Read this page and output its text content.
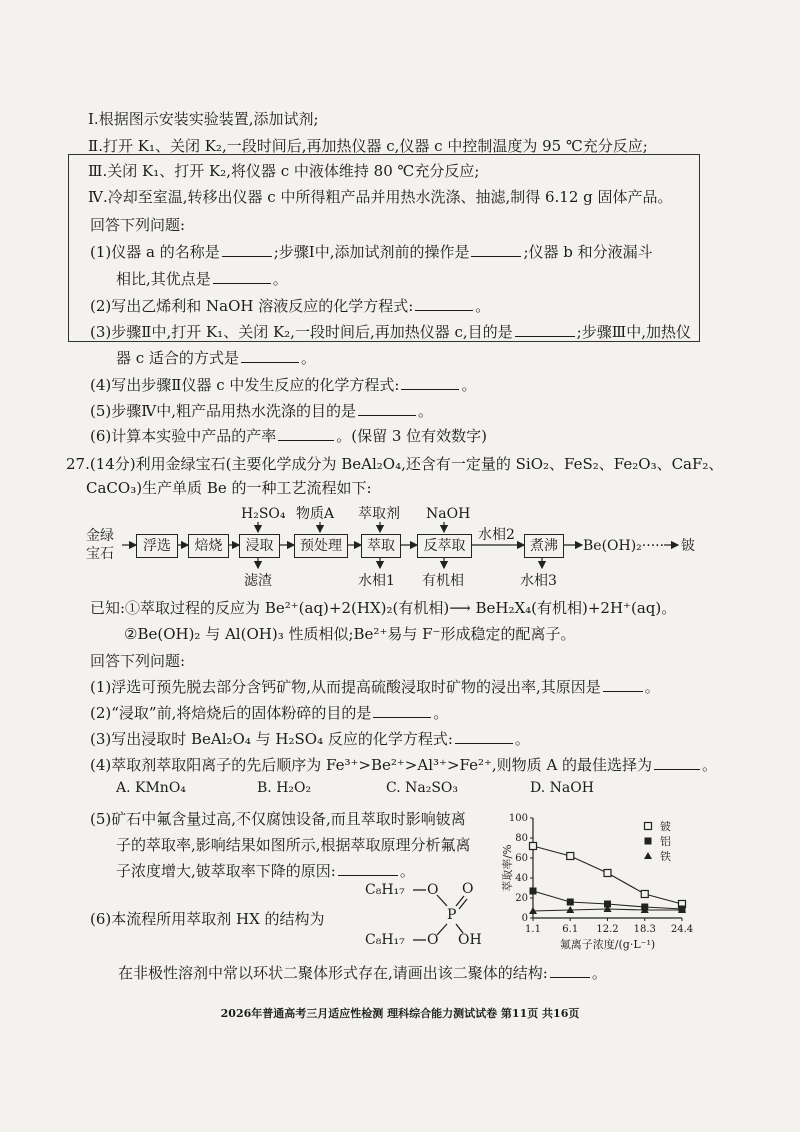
Ⅰ.根据图示安装实验装置,添加试剂;
Ⅱ.打开 K₁、关闭 K₂,一段时间后,再加热仪器 c,仪器 c 中控制温度为 95 ℃充分反应;
Ⅲ.关闭 K₁、打开 K₂,将仪器 c 中液体维持 80 ℃充分反应;
Ⅳ.冷却至室温,转移出仪器 c 中所得粗产品并用热水洗涤、抽滤,制得 6.12 g 固体产品。
回答下列问题:
(1)仪器 a 的名称是	;步骤Ⅰ中,添加试剂前的操作是	;仪器 b 和分液漏斗
相比,其优点是	。
(2)写出乙烯利和 NaOH 溶液反应的化学方程式:	。
(3)步骤Ⅱ中,打开 K₁、关闭 K₂,一段时间后,再加热仪器 c,目的是	;步骤Ⅲ中,加热仪
器 c 适合的方式是	。
(4)写出步骤Ⅱ仪器 c 中发生反应的化学方程式:	。
(5)步骤Ⅳ中,粗产品用热水洗涤的目的是	。
(6)计算本实验中产品的产率	。(保留 3 位有效数字)
27.(14分)利用金绿宝石(主要化学成分为 BeAl₂O₄,还含有一定量的 SiO₂、FeS₂、Fe₂O₃、CaF₂、
CaCO₃)生产单质 Be 的一种工艺流程如下:
金绿
宝石	浮选	焙烧	浸取	预处理	萃取	反萃取	煮沸	Be(OH)₂····· 铍
H₂SO₄ 物质A 萃取剂 NaOH
水相2
滤渣	水相1 有机相	水相3
已知:①萃取过程的反应为 Be²⁺(aq)+2(HX)₂(有机相)⟶ BeH₂X₄(有机相)+2H⁺(aq)。
②Be(OH)₂ 与 Al(OH)₃ 性质相似;Be²⁺易与 F⁻形成稳定的配离子。
回答下列问题:
(1)浮选可预先脱去部分含钙矿物,从而提高硫酸浸取时矿物的浸出率,其原因是	。
(2)“浸取”前,将焙烧后的固体粉碎的目的是	。
(3)写出浸取时 BeAl₂O₄ 与 H₂SO₄ 反应的化学方程式:	。
(4)萃取剂萃取阳离子的先后顺序为 Fe³⁺>Be²⁺>Al³⁺>Fe²⁺,则物质 A 的最佳选择为	。
A. KMnO₄	B. H₂O₂	C. Na₂SO₃	D. NaOH
(5)矿石中氟含量过高,不仅腐蚀设备,而且萃取时影响铍离
子的萃取率,影响结果如图所示,根据萃取原理分析氟离
子浓度增大,铍萃取率下降的原因:	。
(6)本流程所用萃取剂 HX 的结构为
C₈H₁₇
C₈H₁₇
O
O
P
O
OH
在非极性溶剂中常以环状二聚体形式存在,请画出该二聚体的结构:	。
0
20
40
60
80
100
1.1 6.1 12.2 18.3 24.4
氟离子浓度/(g·L⁻¹)
萃取率/%
铍
铝
铁
2026年普通高考三月适应性检测 理科综合能力测试试卷 第11页 共16页
